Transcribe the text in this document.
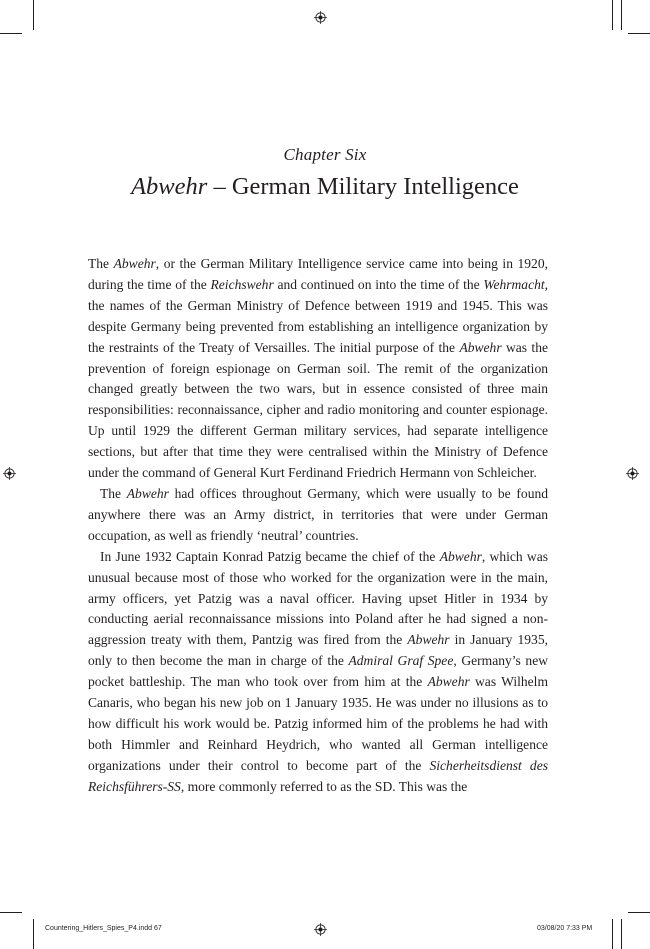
Chapter Six
Abwehr – German Military Intelligence

The Abwehr, or the German Military Intelligence service came into being in 1920, during the time of the Reichswehr and continued on into the time of the Wehrmacht, the names of the German Ministry of Defence between 1919 and 1945. This was despite Germany being prevented from establishing an intelligence organization by the restraints of the Treaty of Versailles. The initial purpose of the Abwehr was the prevention of foreign espionage on German soil. The remit of the organization changed greatly between the two wars, but in essence consisted of three main responsibilities: reconnaissance, cipher and radio monitoring and counter espionage. Up until 1929 the different German military services, had separate intelligence sections, but after that time they were centralised within the Ministry of Defence under the command of General Kurt Ferdinand Friedrich Hermann von Schleicher.

The Abwehr had offices throughout Germany, which were usually to be found anywhere there was an Army district, in territories that were under German occupation, as well as friendly ‘neutral’ countries.

In June 1932 Captain Konrad Patzig became the chief of the Abwehr, which was unusual because most of those who worked for the organization were in the main, army officers, yet Patzig was a naval officer. Having upset Hitler in 1934 by conducting aerial reconnaissance missions into Poland after he had signed a non-aggression treaty with them, Pantzig was fired from the Abwehr in January 1935, only to then become the man in charge of the Admiral Graf Spee, Germany’s new pocket battleship. The man who took over from him at the Abwehr was Wilhelm Canaris, who began his new job on 1 January 1935. He was under no illusions as to how difficult his work would be. Patzig informed him of the problems he had with both Himmler and Reinhard Heydrich, who wanted all German intelligence organizations under their control to become part of the Sicherheitsdienst des Reichsführers-SS, more commonly referred to as the SD. This was the

Countering_Hitlers_Spies_P4.indd 67	03/08/20 7:33 PM
